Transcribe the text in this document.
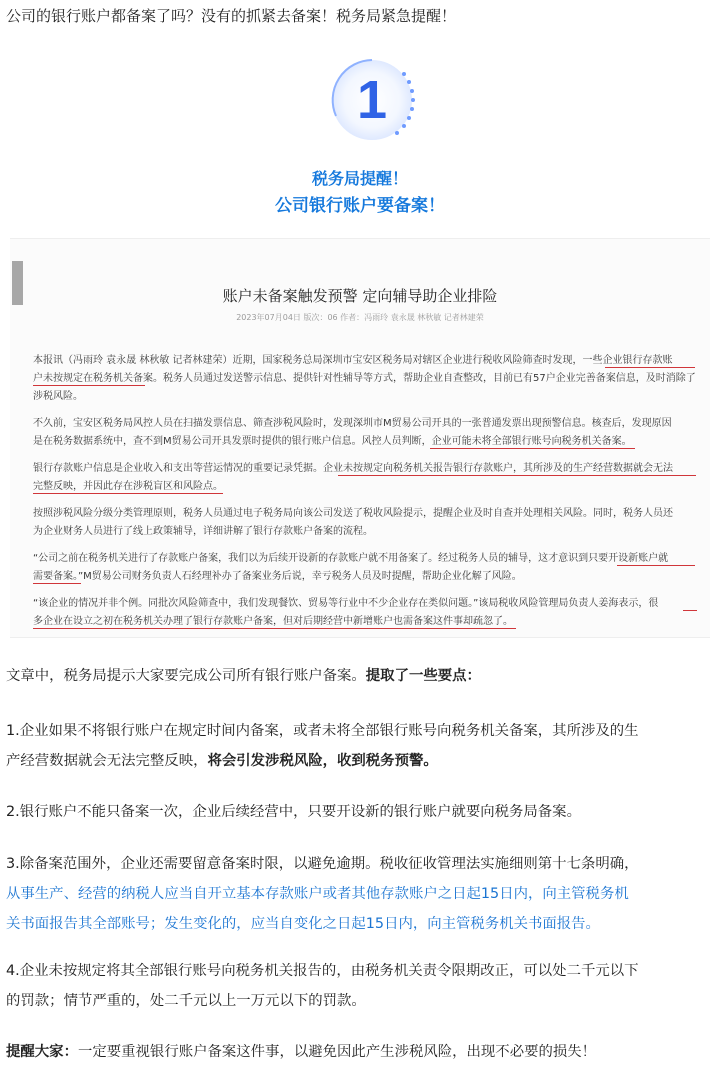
公司的银行账户都备案了吗？没有的抓紧去备案！税务局紧急提醒！
1
税务局提醒！
公司银行账户要备案！
账户未备案触发预警 定向辅导助企业排险
2023年07月04日 版次：06 作者：冯雨玲 袁永晟 林秋敏 记者林建荣
本报讯（冯雨玲 袁永晟 林秋敏 记者林建荣）近期，国家税务总局深圳市宝安区税务局对辖区企业进行税收风险筛查时发现，一些企业银行存款账
户未按规定在税务机关备案。税务人员通过发送警示信息、提供针对性辅导等方式，帮助企业自查整改，目前已有57户企业完善备案信息，及时消除了
涉税风险。
不久前，宝安区税务局风控人员在扫描发票信息、筛查涉税风险时，发现深圳市M贸易公司开具的一张普通发票出现预警信息。核查后，发现原因
是在税务数据系统中，查不到M贸易公司开具发票时提供的银行账户信息。风控人员判断，企业可能未将全部银行账号向税务机关备案。
银行存款账户信息是企业收入和支出等营运情况的重要记录凭据。企业未按规定向税务机关报告银行存款账户，其所涉及的生产经营数据就会无法
完整反映，并因此存在涉税盲区和风险点。
按照涉税风险分级分类管理原则，税务人员通过电子税务局向该公司发送了税收风险提示，提醒企业及时自查并处理相关风险。同时，税务人员还
为企业财务人员进行了线上政策辅导，详细讲解了银行存款账户备案的流程。
“公司之前在税务机关进行了存款账户备案，我们以为后续开设新的存款账户就不用备案了。经过税务人员的辅导，这才意识到只要开设新账户就
需要备案。”M贸易公司财务负责人石经理补办了备案业务后说，幸亏税务人员及时提醒，帮助企业化解了风险。
“该企业的情况并非个例。同批次风险筛查中，我们发现餐饮、贸易等行业中不少企业存在类似问题。”该局税收风险管理局负责人姜海表示，很
多企业在设立之初在税务机关办理了银行存款账户备案，但对后期经营中新增账户也需备案这件事却疏忽了。
文章中，税务局提示大家要完成公司所有银行账户备案。提取了一些要点：
1.企业如果不将银行账户在规定时间内备案，或者未将全部银行账号向税务机关备案，其所涉及的生
产经营数据就会无法完整反映，将会引发涉税风险，收到税务预警。
2.银行账户不能只备案一次，企业后续经营中，只要开设新的银行账户就要向税务局备案。
3.除备案范围外，企业还需要留意备案时限，以避免逾期。税收征收管理法实施细则第十七条明确，
从事生产、经营的纳税人应当自开立基本存款账户或者其他存款账户之日起15日内，向主管税务机
关书面报告其全部账号；发生变化的，应当自变化之日起15日内，向主管税务机关书面报告。
4.企业未按规定将其全部银行账号向税务机关报告的，由税务机关责令限期改正，可以处二千元以下
的罚款；情节严重的，处二千元以上一万元以下的罚款。
提醒大家：一定要重视银行账户备案这件事，以避免因此产生涉税风险，出现不必要的损失！
